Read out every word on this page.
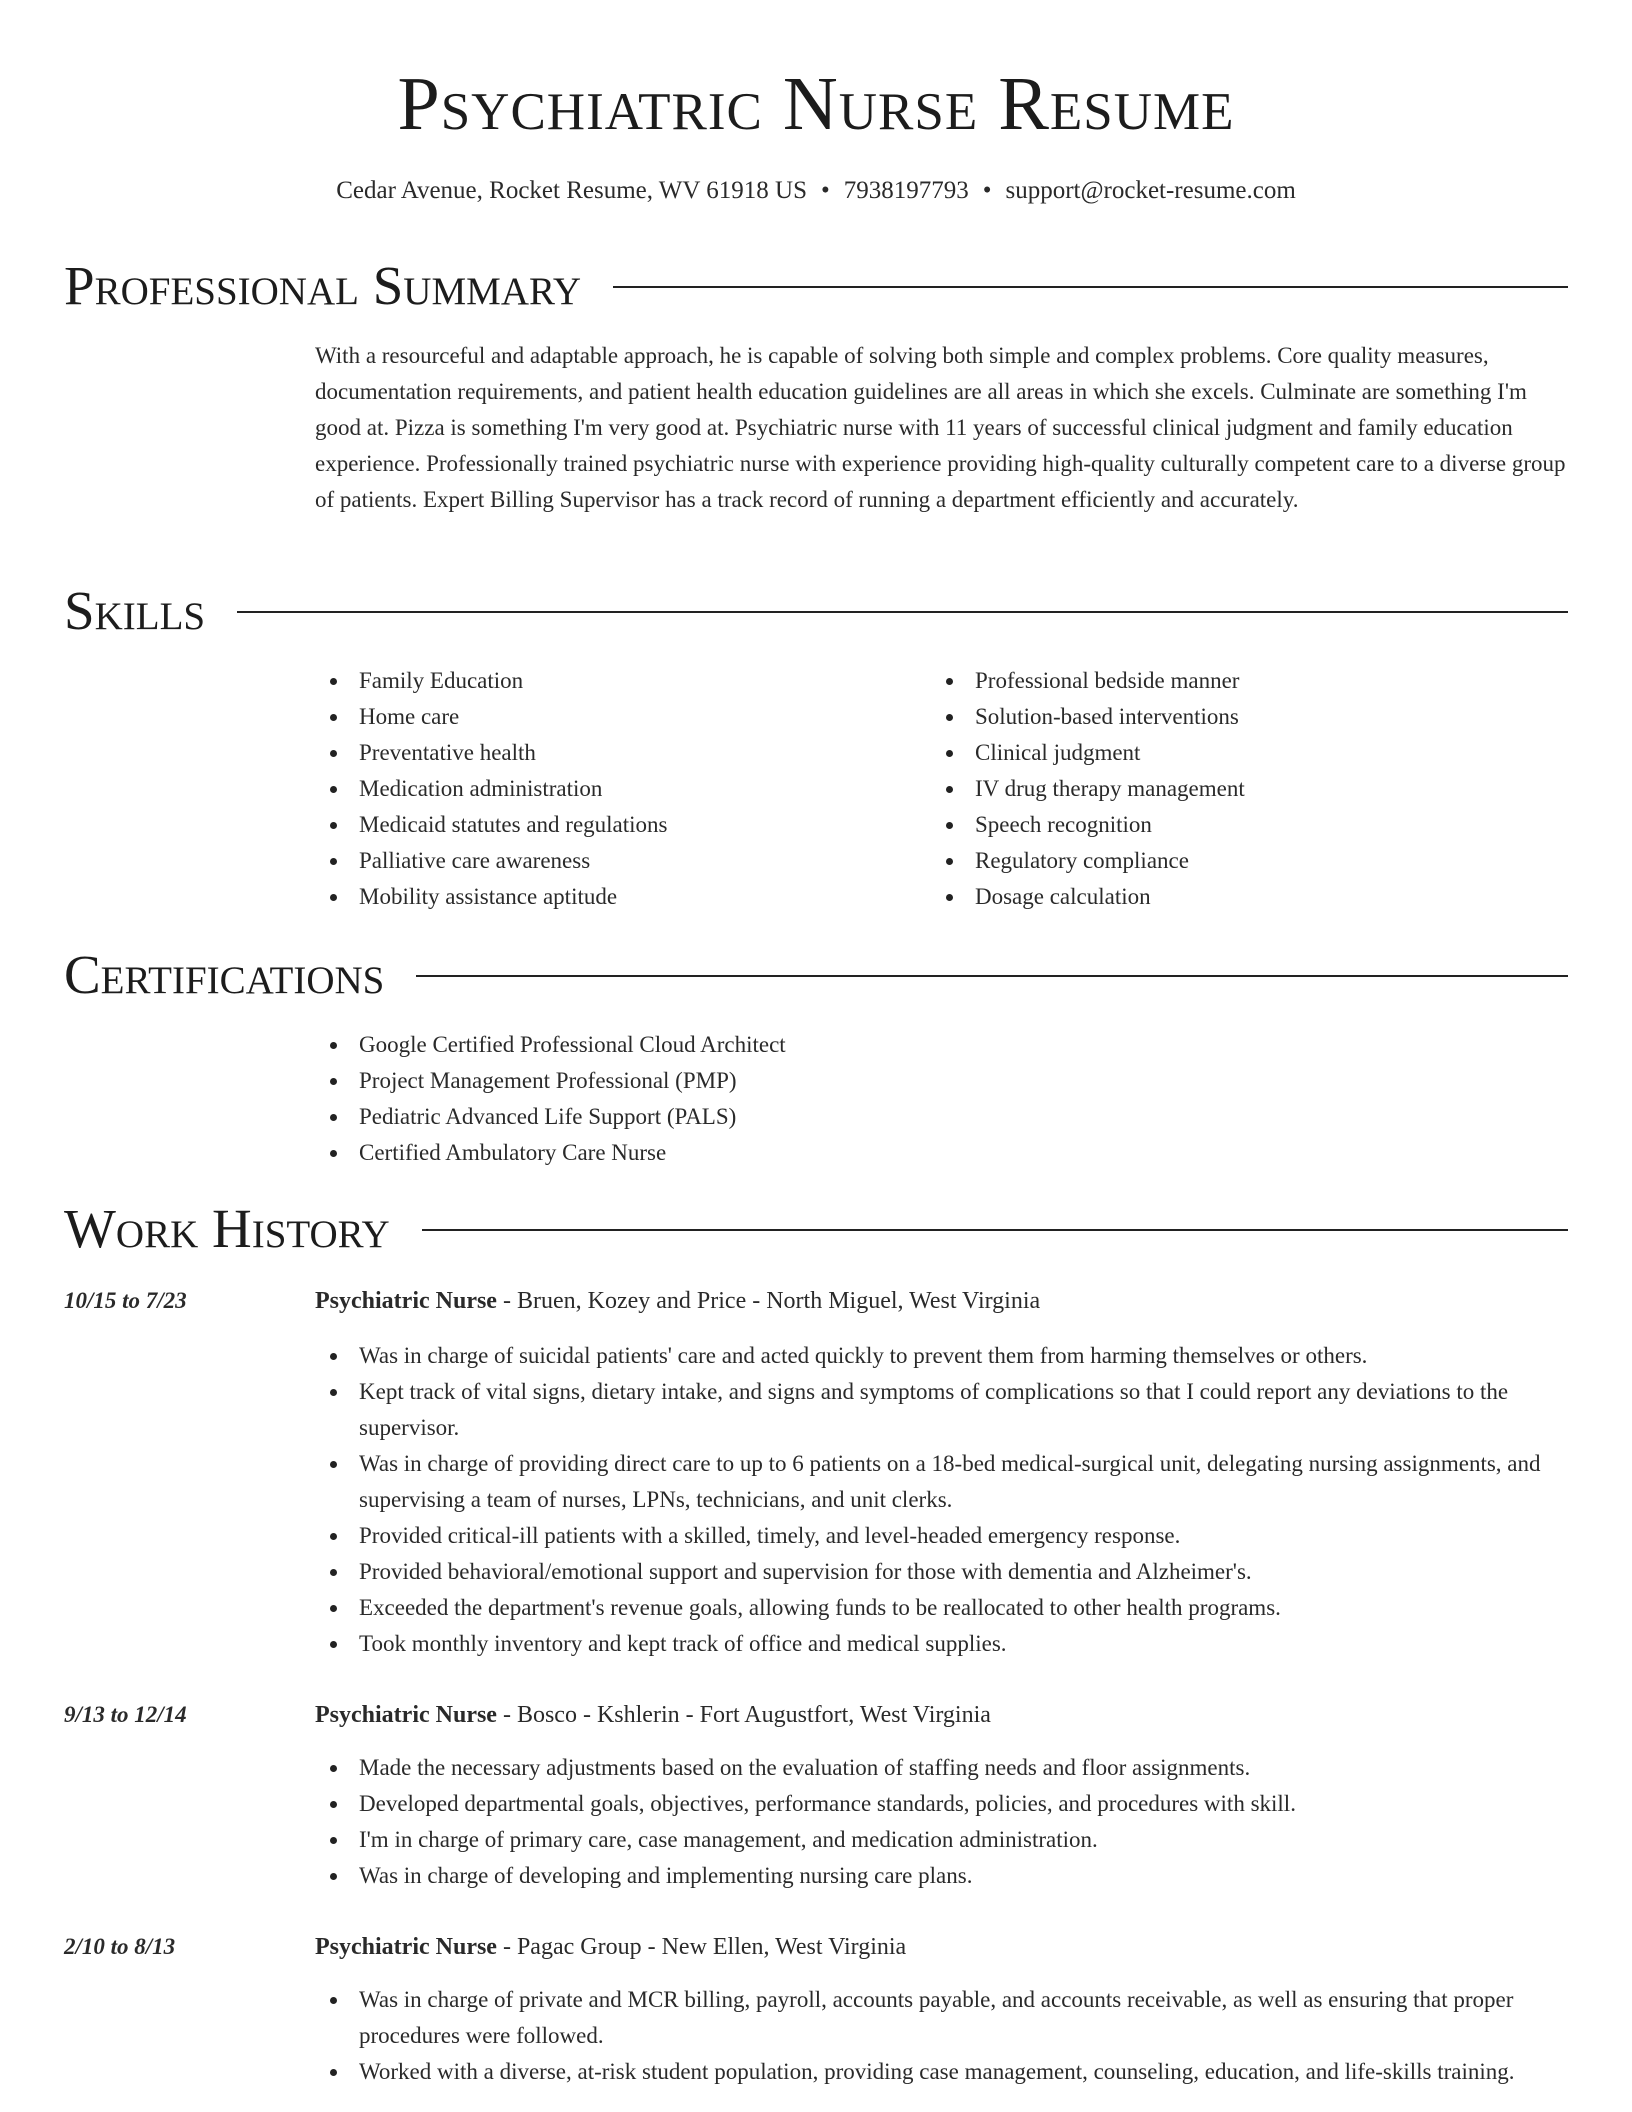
Psychiatric Nurse Resume
Cedar Avenue, Rocket Resume, WV 61918 US • 7938197793 • support@rocket-resume.com
Professional Summary
With a resourceful and adaptable approach, he is capable of solving both simple and complex problems. Core quality measures, documentation requirements, and patient health education guidelines are all areas in which she excels. Culminate are something I'm good at. Pizza is something I'm very good at. Psychiatric nurse with 11 years of successful clinical judgment and family education experience. Professionally trained psychiatric nurse with experience providing high-quality culturally competent care to a diverse group of patients. Expert Billing Supervisor has a track record of running a department efficiently and accurately.
Skills
Family Education
Home care
Preventative health
Medication administration
Medicaid statutes and regulations
Palliative care awareness
Mobility assistance aptitude
Professional bedside manner
Solution-based interventions
Clinical judgment
IV drug therapy management
Speech recognition
Regulatory compliance
Dosage calculation
Certifications
Google Certified Professional Cloud Architect
Project Management Professional (PMP)
Pediatric Advanced Life Support (PALS)
Certified Ambulatory Care Nurse
Work History
10/15 to 7/23	Psychiatric Nurse - Bruen, Kozey and Price - North Miguel, West Virginia
Was in charge of suicidal patients' care and acted quickly to prevent them from harming themselves or others.
Kept track of vital signs, dietary intake, and signs and symptoms of complications so that I could report any deviations to the supervisor.
Was in charge of providing direct care to up to 6 patients on a 18-bed medical-surgical unit, delegating nursing assignments, and supervising a team of nurses, LPNs, technicians, and unit clerks.
Provided critical-ill patients with a skilled, timely, and level-headed emergency response.
Provided behavioral/emotional support and supervision for those with dementia and Alzheimer's.
Exceeded the department's revenue goals, allowing funds to be reallocated to other health programs.
Took monthly inventory and kept track of office and medical supplies.
9/13 to 12/14	Psychiatric Nurse - Bosco - Kshlerin - Fort Augustfort, West Virginia
Made the necessary adjustments based on the evaluation of staffing needs and floor assignments.
Developed departmental goals, objectives, performance standards, policies, and procedures with skill.
I'm in charge of primary care, case management, and medication administration.
Was in charge of developing and implementing nursing care plans.
2/10 to 8/13	Psychiatric Nurse - Pagac Group - New Ellen, West Virginia
Was in charge of private and MCR billing, payroll, accounts payable, and accounts receivable, as well as ensuring that proper procedures were followed.
Worked with a diverse, at-risk student population, providing case management, counseling, education, and life-skills training.
